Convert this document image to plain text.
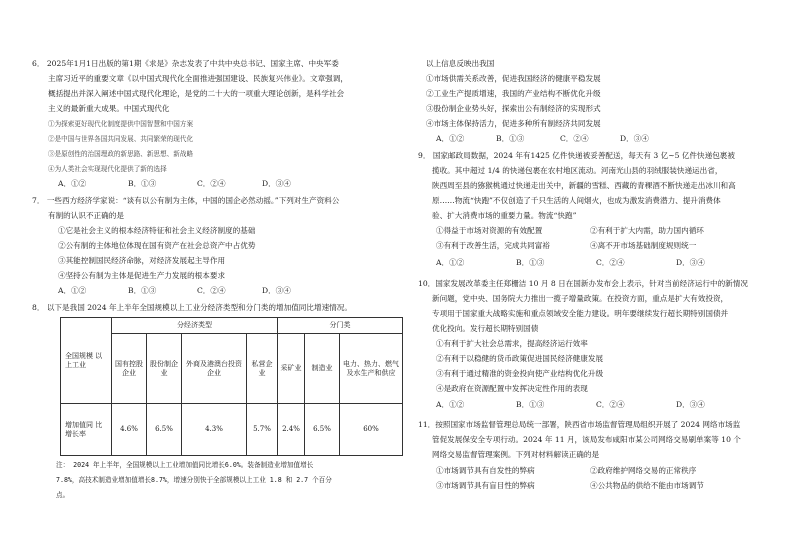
6． 2025年1月1日出版的第1期《求是》杂志发表了中共中央总书记、国家主席、中央军委
主席习近平的重要文章《以中国式现代化全面推进强国建设、民族复兴伟业》。文章强调，
概括提出并深入阐述中国式现代化理论，是党的二十大的一项重大理论创新，是科学社会
主义的最新重大成果。中国式现代化
①为探索更好现代化制度提供中国智慧和中国方案
②是中国与世界各国共同发展、共同繁荣的现代化
③是原创性的治国理政的新思路、新思想、新战略
④为人类社会实现现代化提供了新的选择
A．①②	B．①③	C．②④	D．③④
7． 一些西方经济学家说：“谈有以公有制为主体，中国的国企必然动摇。”下列对生产资料公
有制的认识不正确的是
①它是社会主义的根本经济特征和社会主义经济制度的基础
②公有制的主体地位体现在国有资产在社会总资产中占优势
③其能控制国民经济命脉，对经济发展起主导作用
④坚持公有制为主体是促进生产力发展的根本要求
A．①②	B．①③	C．②④	D．③④
8． 以下是我国 2024 年上半年全国规模以上工业分经济类型和分门类的增加值同比增速情况。
全国规模 以 上工业	分经济类型				分门类		
	国有控股企业	股份制企业	外商及港澳台投资企业	私营企业	采矿业	制造业	电力、热力、燃气及水生产和供应
增加值同 比 增长率	4.6%	6.5%	4.3%	5.7%	2.4%	6.5%	60%
注： 2024 年上半年，全国规模以上工业增加值同比增长6.0%。装备制造业增加值增长
7.8%，高技术制造业增加值增长8.7%，增速分别快于全部规模以上工业 1.8 和 2.7 个百分
点。
以上信息反映出我国
①市场供需关系改善，促进我国经济的健康平稳发展
②工业生产提质增速，我国的产业结构不断优化升级
③股份制企业势头好，探索出公有制经济的实现形式
④市场主体保持活力，促进多种所有制经济共同发展
A．①②	B．①③	C．②④	D．③④
9． 国家邮政局数据，2024 年有1425 亿件快递被妥善配送，每天有 3 亿~5 亿件快递包裹被
揽收。其中超过 1/4 的快递包裹在农村地区流动。河南光山县的羽绒服装快递运出省，
陕西周至县的猕猴桃通过快递走出关中，新疆的雪糕、西藏的青稞酒不断快递走出冰川和高
原……物流“快跑”不仅创造了千只生活的人间烟火，也成为激发消费潜力、提升消费体
验、扩大消费市场的重要力量。物流“快跑”
①得益于市场对资源的有效配置	②有利于扩大内需，助力国内循环
③有利于改善生活，完成共同富裕	④离不开市场基础制度规则统一
A．①②	B．①③	C．②④	D．③④
10．国家发展改革委主任郑栅洁 10 月 8 日在国新办发布会上表示，针对当前经济运行中的新情况
新问题，党中央、国务院大力推出一揽子增量政策。在投资方面，重点是扩大有效投资，
专项用于国家重大战略实施和重点领域安全能力建设。明年要继续发行超长期特别国债并
优化投向。发行超长期特别国债
①有利于扩大社会总需求，提高经济运行效率
②有利于以稳健的货币政策促进国民经济健康发展
③有利于通过精准的资金投向使产业结构优化升级
④是政府在资源配置中发挥决定性作用的表现
A．①②	B．①③	C．②④	D．③④
11．按照国家市场监督管理总局统一部署，陕西省市场监督管理局组织开展了 2024 网络市场监
管促发展保安全专项行动。2024 年 11 月，该局发布咸阳市某公司网络交易刷单案等 10 个
网络交易监督管理案例。下列对材料解读正确的是
①市场调节具有自发性的弊病	②政府维护网络交易的正常秩序
③市场调节具有盲目性的弊病	④公共物品的供给不能由市场调节
